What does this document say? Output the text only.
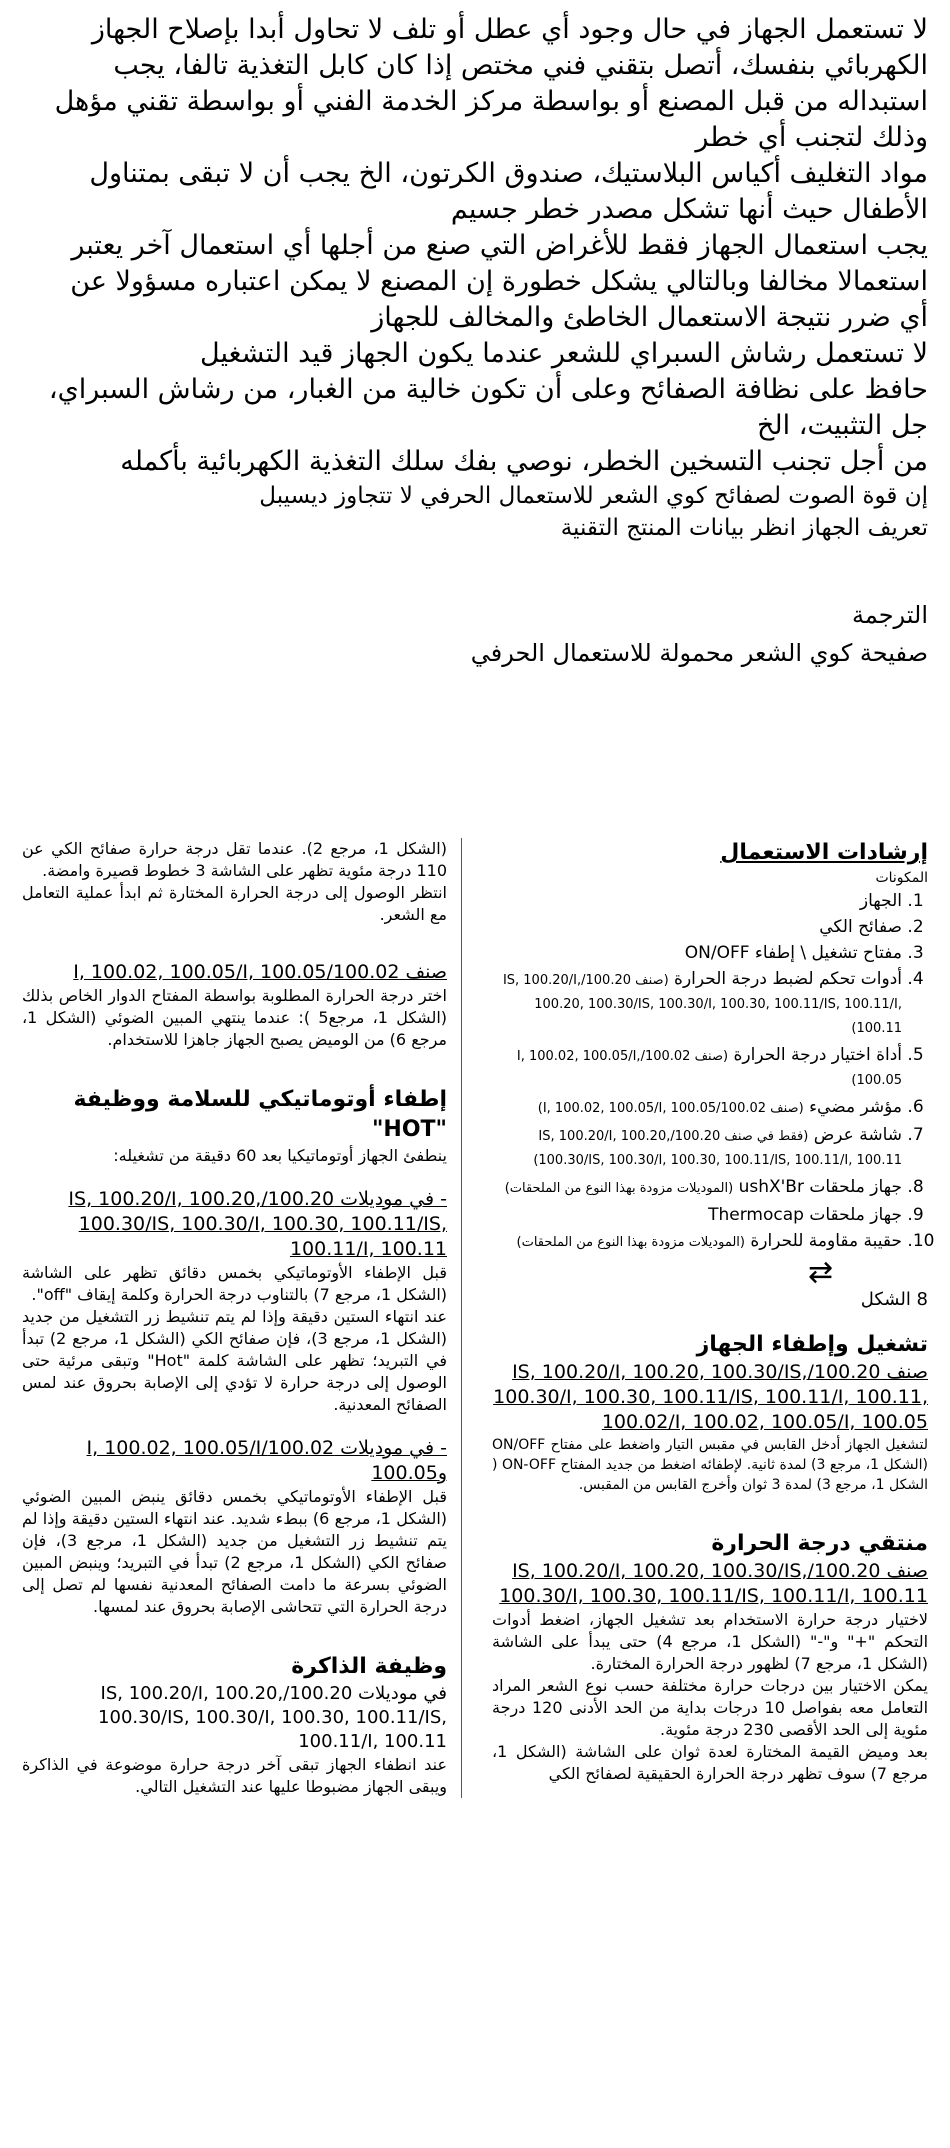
لا تستعمل الجهاز في حال وجود أي عطل أو تلف لا تحاول أبدا بإصلاح الجهاز

الكهربائي بنفسك، أتصل بتقني فني مختص إذا كان كابل التغذية تالفا، يجب

استبداله من قبل المصنع أو بواسطة مركز الخدمة الفني أو بواسطة تقني مؤهل

وذلك لتجنب أي خطر

مواد التغليف أكياس البلاستيك، صندوق الكرتون، الخ يجب أن لا تبقى بمتناول

الأطفال حيث أنها تشكل مصدر خطر جسيم

يجب استعمال الجهاز فقط للأغراض التي صنع من أجلها أي استعمال آخر يعتبر

استعمالا مخالفا وبالتالي يشكل خطورة إن المصنع لا يمكن اعتباره مسؤولا عن

أي ضرر نتيجة الاستعمال الخاطئ والمخالف للجهاز

لا تستعمل رشاش السبراي للشعر عندما يكون الجهاز قيد التشغيل

حافظ على نظافة الصفائح وعلى أن تكون خالية من الغبار، من رشاش السبراي،

جل التثبيت، الخ

من أجل تجنب التسخين الخطر، نوصي بفك سلك التغذية الكهربائية بأكمله

إن قوة الصوت لصفائح كوي الشعر للاستعمال الحرفي لا تتجاوز ديسيبل

تعريف الجهاز انظر بيانات المنتج التقنية

الترجمة
صفيحة كوي الشعر محمولة للاستعمال الحرفي

إرشادات الاستعمال

المكونات

1. الجهاز
2. صفائح الكي
3. مفتاح تشغيل \ إطفاء ON/OFF
4. أدوات تحكم لضبط درجة الحرارة (صنف 100.20/IS, 100.20/I, 100.20, 100.30/IS, 100.30/I, 100.30, 100.11/IS, 100.11/I, 100.11)
5. أداة اختيار درجة الحرارة (صنف 100.02/I, 100.02, 100.05/I, 100.05)
6. مؤشر مضيء (صنف 100.02/I, 100.02, 100.05/I, 100.05)
7. شاشة عرض (فقط في صنف 100.20/IS, 100.20/I, 100.20, 100.30/IS, 100.30/I, 100.30, 100.11/IS, 100.11/I, 100.11)
8. جهاز ملحقات ushX'Br (الموديلات مزودة بهذا النوع من الملحقات)
9. جهاز ملحقات Thermocap
10. حقيبة مقاومة للحرارة (الموديلات مزودة بهذا النوع من الملحقات)
⇄

8 الشكل

تشغيل وإطفاء الجهاز

صنف 100.20/IS, 100.20/I, 100.20, 100.30/IS, 100.30/I, 100.30, 100.11/IS, 100.11/I, 100.11, 100.02/I, 100.02, 100.05/I, 100.05

لتشغيل الجهاز أدخل القابس في مقبس التيار واضغط على مفتاح ON/OFF (الشكل 1، مرجع 3) لمدة ثانية. لإطفائه اضغط من جديد المفتاح ON-OFF ( الشكل 1، مرجع 3) لمدة 3 ثوان وأخرج القابس من المقبس.

منتقي درجة الحرارة

صنف 100.20/IS, 100.20/I, 100.20, 100.30/IS, 100.30/I, 100.30, 100.11/IS, 100.11/I, 100.11

لاختيار درجة حرارة الاستخدام بعد تشغيل الجهاز، اضغط أدوات التحكم "+" و"-" (الشكل 1، مرجع 4) حتى يبدأ على الشاشة (الشكل 1، مرجع 7) لظهور درجة الحرارة المختارة.

يمكن الاختيار بين درجات حرارة مختلفة حسب نوع الشعر المراد التعامل معه بفواصل 10 درجات بداية من الحد الأدنى 120 درجة مئوية إلى الحد الأقصى 230 درجة مئوية.

بعد وميض القيمة المختارة لعدة ثوان على الشاشة (الشكل 1، مرجع 7) سوف تظهر درجة الحرارة الحقيقية لصفائح الكي

(الشكل 1، مرجع 2). عندما تقل درجة حرارة صفائح الكي عن 110 درجة مئوية تظهر على الشاشة 3 خطوط قصيرة وامضة.

انتظر الوصول إلى درجة الحرارة المختارة ثم ابدأ عملية التعامل مع الشعر.

صنف 100.02/I, 100.02, 100.05/I, 100.05

اختر درجة الحرارة المطلوبة بواسطة المفتاح الدوار الخاص بذلك (الشكل 1، مرجع5 ): عندما ينتهي المبين الضوئي (الشكل 1، مرجع 6) من الوميض يصبح الجهاز جاهزا للاستخدام.

إطفاء أوتوماتيكي للسلامة ووظيفة "HOT"

ينطفئ الجهاز أوتوماتيكيا بعد 60 دقيقة من تشغيله:

- في موديلات 100.20/IS, 100.20/I, 100.20, 100.30/IS, 100.30/I, 100.30, 100.11/IS, 100.11/I, 100.11

قبل الإطفاء الأوتوماتيكي بخمس دقائق تظهر على الشاشة (الشكل 1، مرجع 7) بالتناوب درجة الحرارة وكلمة إيقاف "off".

عند انتهاء الستين دقيقة وإذا لم يتم تنشيط زر التشغيل من جديد (الشكل 1، مرجع 3)، فإن صفائح الكي (الشكل 1، مرجع 2) تبدأ في التبريد؛ تظهر على الشاشة كلمة "Hot" وتبقى مرئية حتى الوصول إلى درجة حرارة لا تؤدي إلى الإصابة بحروق عند لمس الصفائح المعدنية.

- في موديلات 100.02/I, 100.02, 100.05/I و100.05

قبل الإطفاء الأوتوماتيكي بخمس دقائق ينبض المبين الضوئي (الشكل 1، مرجع 6) ببطء شديد. عند انتهاء الستين دقيقة وإذا لم يتم تنشيط زر التشغيل من جديد (الشكل 1، مرجع 3)، فإن صفائح الكي (الشكل 1، مرجع 2) تبدأ في التبريد؛ وينبض المبين الضوئي بسرعة ما دامت الصفائح المعدنية نفسها لم تصل إلى درجة الحرارة التي تتحاشى الإصابة بحروق عند لمسها.

وظيفة الذاكرة

في موديلات 100.20/IS, 100.20/I, 100.20, 100.30/IS, 100.30/I, 100.30, 100.11/IS, 100.11/I, 100.11

عند انطفاء الجهاز تبقى آخر درجة حرارة موضوعة في الذاكرة ويبقى الجهاز مضبوطا عليها عند التشغيل التالي.
